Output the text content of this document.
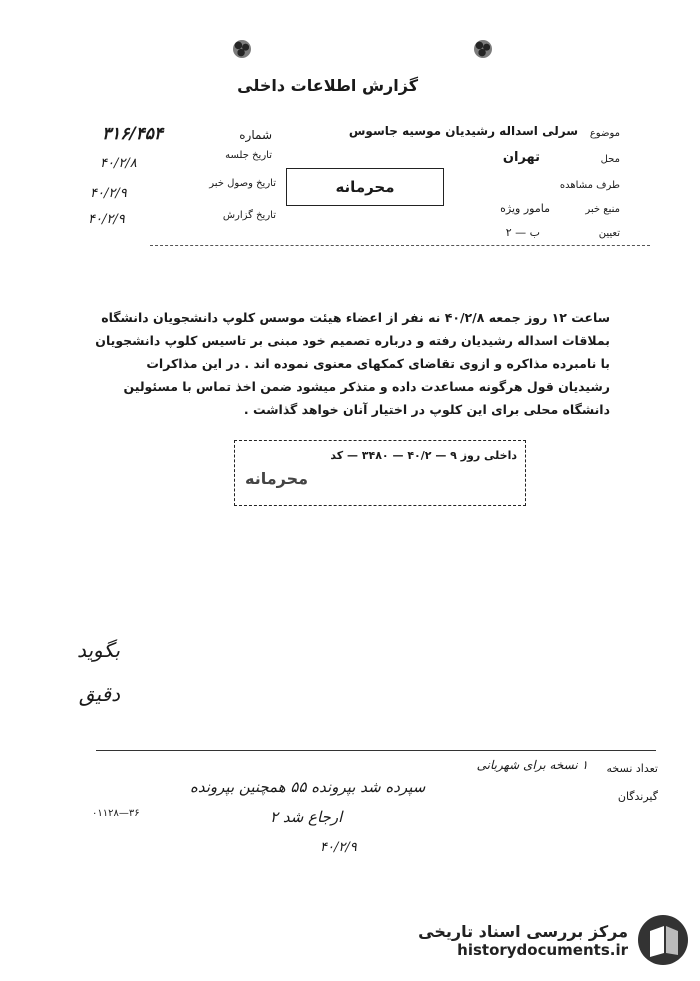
گزارش اطلاعات داخلی
۳۱۶/۴۵۴	شماره
۴۰/۲/۸
تاریخ جلسه
۴۰/۲/۹
تاریخ وصول خبر
۴۰/۲/۹	تاریخ گزارش
موضوع
سرلی اسداله رشیدیان موسیه جاسوس
محل
تهران
طرف مشاهده
منبع خبر
مامور ویژه
تعیین
ب — ۲
محرمانه
ساعت ۱۲ روز جمعه ۴۰/۲/۸ نه نفر از اعضاء هیئت موسس کلوپ دانشجویان دانشگاه
بملاقات اسداله رشیدیان رفته و درباره تصمیم خود مبنی بر تاسیس کلوپ دانشجویان
با نامبرده مذاکره و ازوی تقاضای کمکهای معنوی نموده اند . در این مذاکرات
رشیدیان قول هرگونه مساعدت داده و متذکر میشود ضمن اخذ تماس با مسئولین
دانشگاه محلی برای این کلوپ در اختیار آنان خواهد گذاشت .
داخلی روز ۹ — ۴۰/۲ — ۳۴۸۰ — کد
محرمانه
بگوید
دقیق
تعداد نسخه
۱ نسخه برای شهربانی
گیرندگان
سپرده شد بپرونده ۵۵ همچنین بپرونده
ارجاع شد ۲
۴۰/۲/۹
۰۱۱۲۸—۳۶
مرکز بررسی اسناد تاریخی
historydocuments.ir
